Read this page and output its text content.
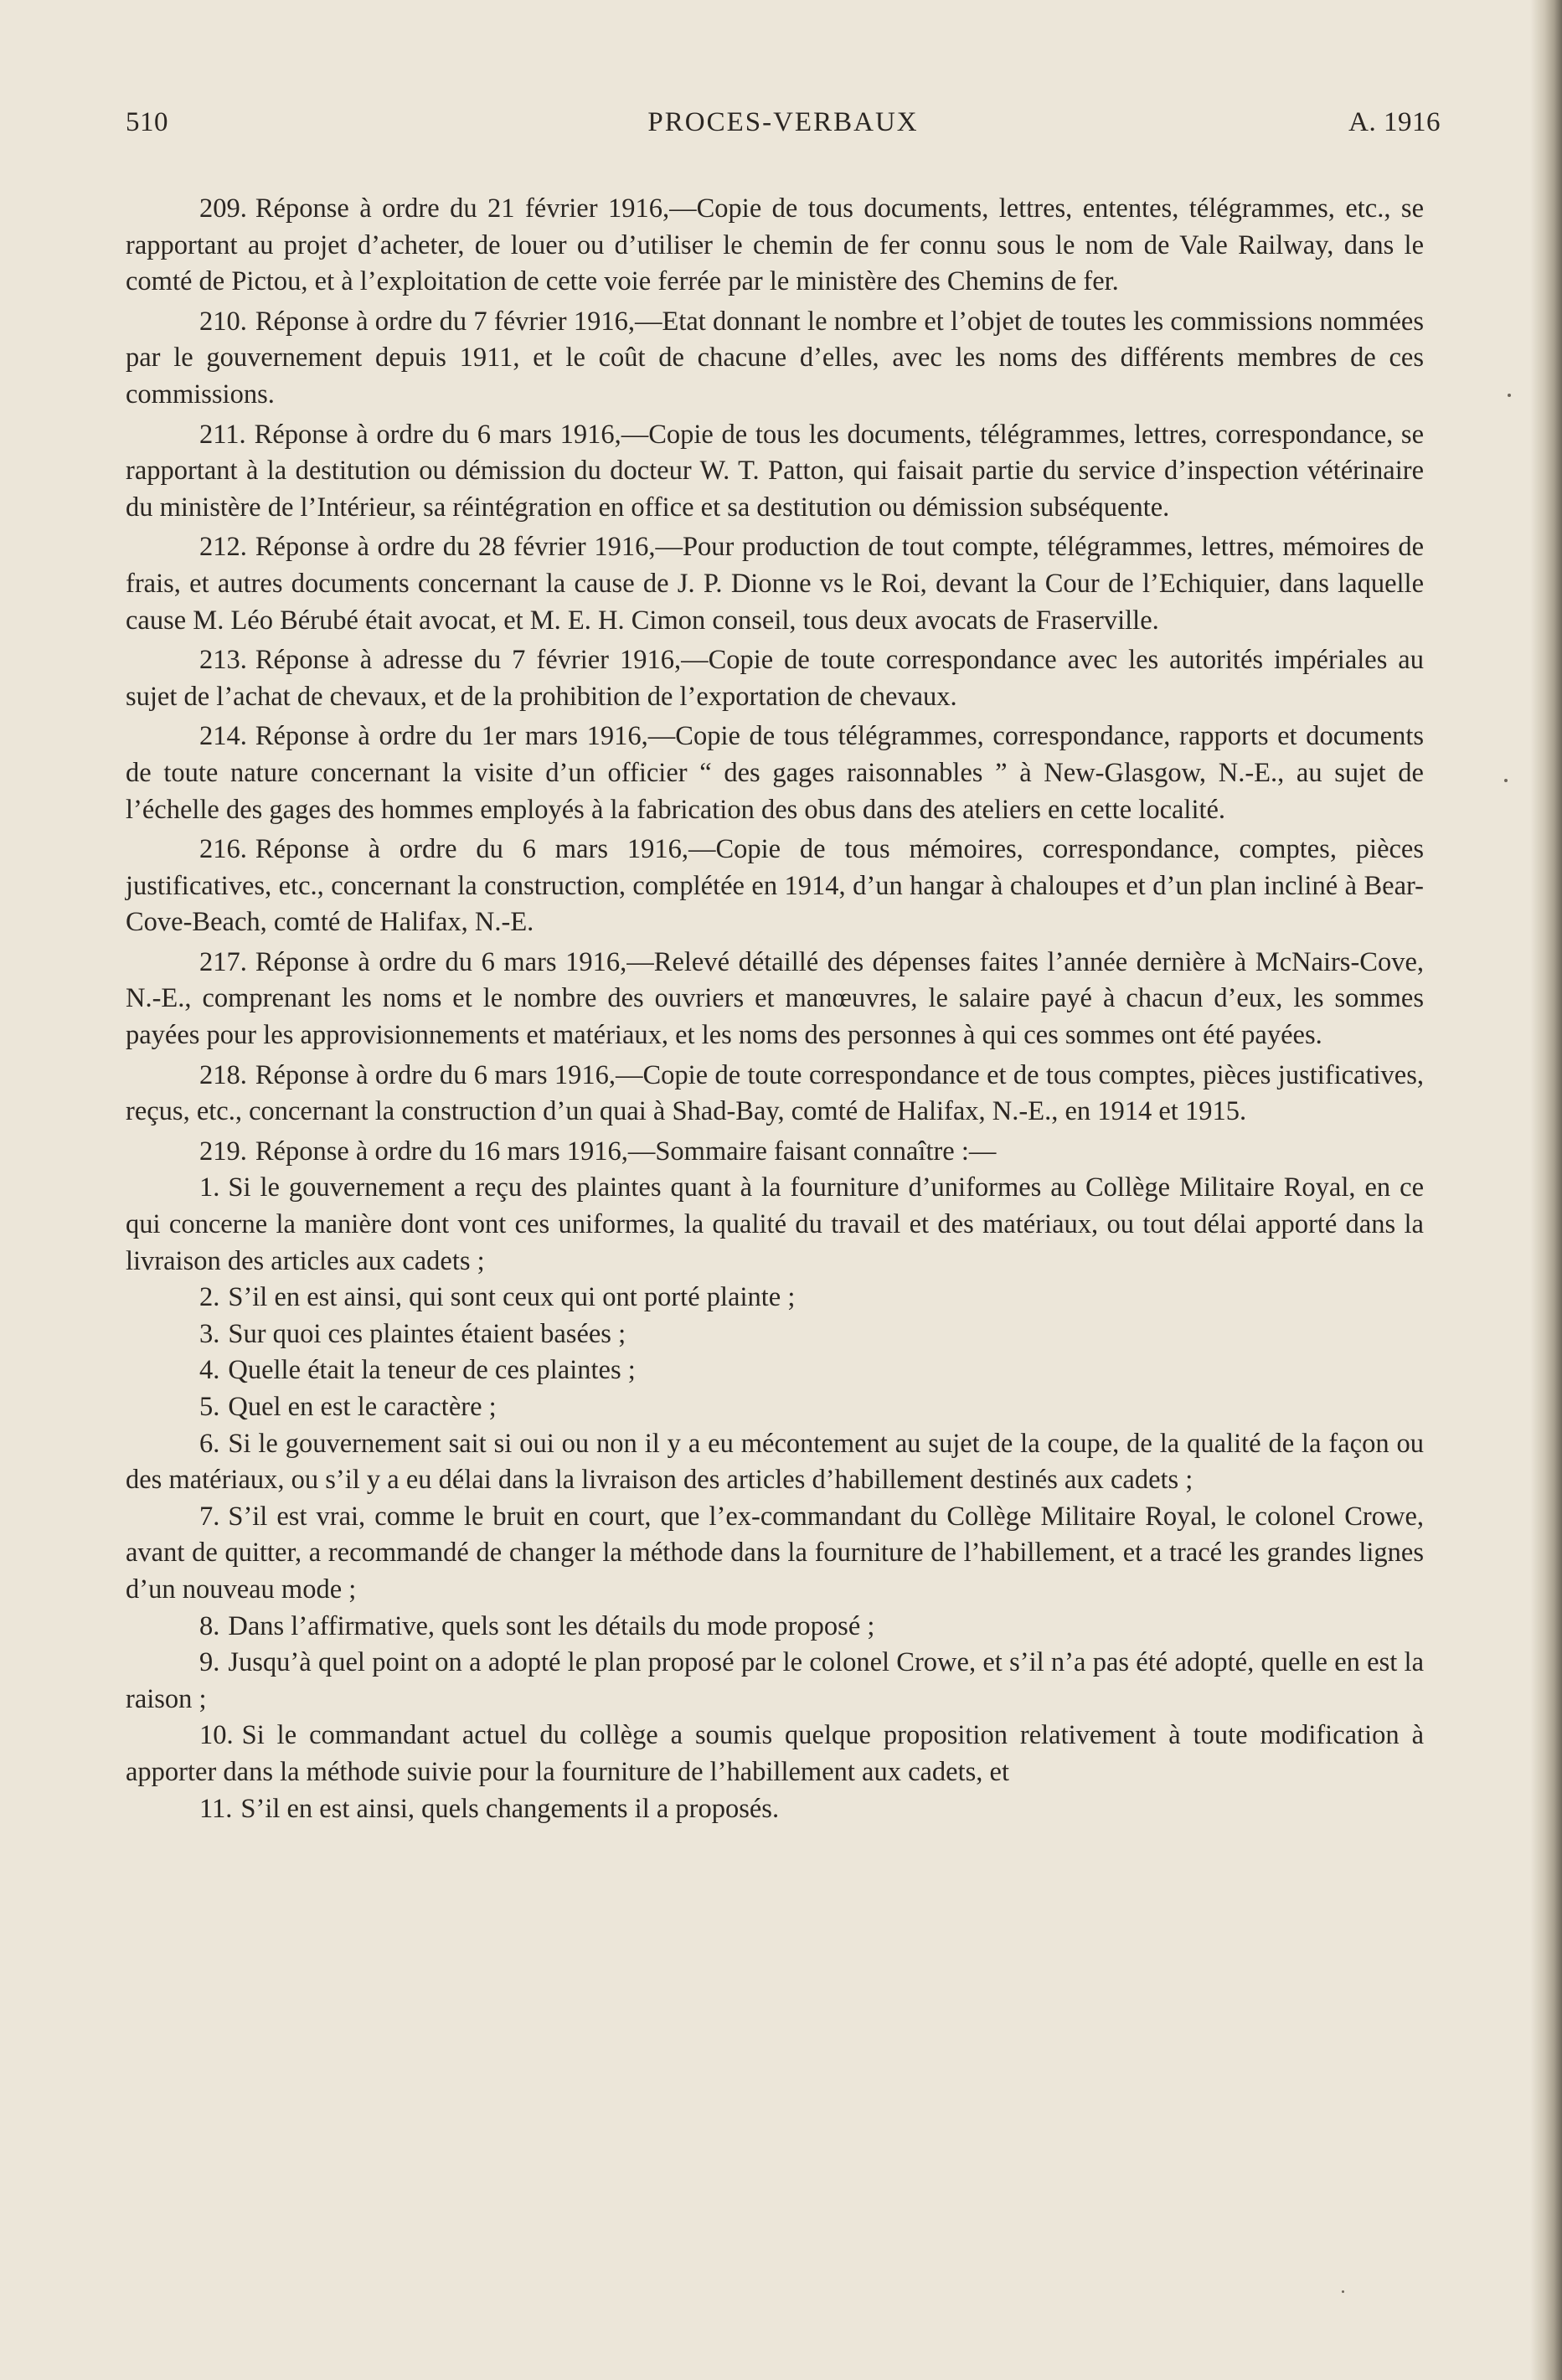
510	PROCES-VERBAUX	A. 1916

209. Réponse à ordre du 21 février 1916,—Copie de tous documents, lettres, ententes, télégrammes, etc., se rapportant au projet d’acheter, de louer ou d’utiliser le chemin de fer connu sous le nom de Vale Railway, dans le comté de Pictou, et à l’exploitation de cette voie ferrée par le ministère des Chemins de fer.

210. Réponse à ordre du 7 février 1916,—Etat donnant le nombre et l’objet de toutes les commissions nommées par le gouvernement depuis 1911, et le coût de chacune d’elles, avec les noms des différents membres de ces commissions.

211. Réponse à ordre du 6 mars 1916,—Copie de tous les documents, télégrammes, lettres, correspondance, se rapportant à la destitution ou démission du docteur W. T. Patton, qui faisait partie du service d’inspection vétérinaire du ministère de l’Intérieur, sa réintégration en office et sa destitution ou démission subséquente.

212. Réponse à ordre du 28 février 1916,—Pour production de tout compte, télégrammes, lettres, mémoires de frais, et autres documents concernant la cause de J. P. Dionne vs le Roi, devant la Cour de l’Echiquier, dans laquelle cause M. Léo Bérubé était avocat, et M. E. H. Cimon conseil, tous deux avocats de Fraserville.

213. Réponse à adresse du 7 février 1916,—Copie de toute correspondance avec les autorités impériales au sujet de l’achat de chevaux, et de la prohibition de l’exportation de chevaux.

214. Réponse à ordre du 1er mars 1916,—Copie de tous télégrammes, correspondance, rapports et documents de toute nature concernant la visite d’un officier “ des gages raisonnables ” à New-Glasgow, N.-E., au sujet de l’échelle des gages des hommes employés à la fabrication des obus dans des ateliers en cette localité.

216. Réponse à ordre du 6 mars 1916,—Copie de tous mémoires, correspondance, comptes, pièces justificatives, etc., concernant la construction, complétée en 1914, d’un hangar à chaloupes et d’un plan incliné à Bear-Cove-Beach, comté de Halifax, N.-E.

217. Réponse à ordre du 6 mars 1916,—Relevé détaillé des dépenses faites l’année dernière à McNairs-Cove, N.-E., comprenant les noms et le nombre des ouvriers et manœuvres, le salaire payé à chacun d’eux, les sommes payées pour les approvisionnements et matériaux, et les noms des personnes à qui ces sommes ont été payées.

218. Réponse à ordre du 6 mars 1916,—Copie de toute correspondance et de tous comptes, pièces justificatives, reçus, etc., concernant la construction d’un quai à Shad-Bay, comté de Halifax, N.-E., en 1914 et 1915.

219. Réponse à ordre du 16 mars 1916,—Sommaire faisant connaître :—

1. Si le gouvernement a reçu des plaintes quant à la fourniture d’uniformes au Collège Militaire Royal, en ce qui concerne la manière dont vont ces uniformes, la qualité du travail et des matériaux, ou tout délai apporté dans la livraison des articles aux cadets ;

2. S’il en est ainsi, qui sont ceux qui ont porté plainte ;

3. Sur quoi ces plaintes étaient basées ;

4. Quelle était la teneur de ces plaintes ;

5. Quel en est le caractère ;

6. Si le gouvernement sait si oui ou non il y a eu mécontement au sujet de la coupe, de la qualité de la façon ou des matériaux, ou s’il y a eu délai dans la livraison des articles d’habillement destinés aux cadets ;

7. S’il est vrai, comme le bruit en court, que l’ex-commandant du Collège Militaire Royal, le colonel Crowe, avant de quitter, a recommandé de changer la méthode dans la fourniture de l’habillement, et a tracé les grandes lignes d’un nouveau mode ;

8. Dans l’affirmative, quels sont les détails du mode proposé ;

9. Jusqu’à quel point on a adopté le plan proposé par le colonel Crowe, et s’il n’a pas été adopté, quelle en est la raison ;

10. Si le commandant actuel du collège a soumis quelque proposition relativement à toute modification à apporter dans la méthode suivie pour la fourniture de l’habillement aux cadets, et

11. S’il en est ainsi, quels changements il a proposés.
